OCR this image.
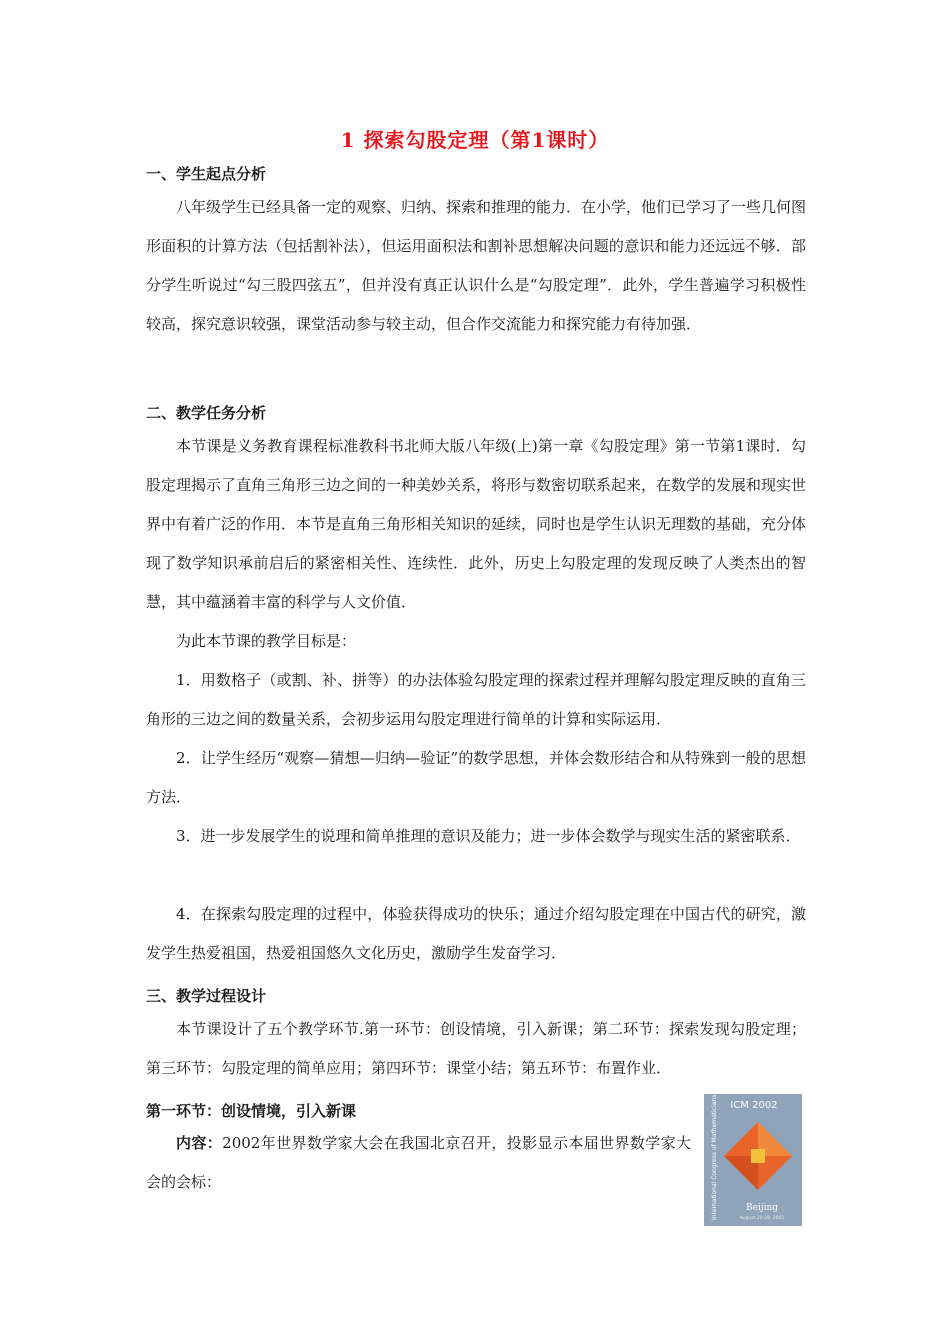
1 探索勾股定理（第1课时）
一、学生起点分析
八年级学生已经具备一定的观察、归纳、探索和推理的能力．在小学，他们已学习了一些几何图形面积的计算方法（包括割补法），但运用面积法和割补思想解决问题的意识和能力还远远不够．部分学生听说过“勾三股四弦五”，但并没有真正认识什么是“勾股定理”．此外，学生普遍学习积极性较高，探究意识较强，课堂活动参与较主动，但合作交流能力和探究能力有待加强．
二、教学任务分析
本节课是义务教育课程标准教科书北师大版八年级(上)第一章《勾股定理》第一节第1课时．勾股定理揭示了直角三角形三边之间的一种美妙关系，将形与数密切联系起来，在数学的发展和现实世界中有着广泛的作用．本节是直角三角形相关知识的延续，同时也是学生认识无理数的基础，充分体现了数学知识承前启后的紧密相关性、连续性．此外，历史上勾股定理的发现反映了人类杰出的智慧，其中蕴涵着丰富的科学与人文价值．
为此本节课的教学目标是：
1．用数格子（或割、补、拼等）的办法体验勾股定理的探索过程并理解勾股定理反映的直角三角形的三边之间的数量关系，会初步运用勾股定理进行简单的计算和实际运用．
2．让学生经历“观察—猜想—归纳—验证”的数学思想，并体会数形结合和从特殊到一般的思想方法．
3．进一步发展学生的说理和简单推理的意识及能力；进一步体会数学与现实生活的紧密联系．
4．在探索勾股定理的过程中，体验获得成功的快乐；通过介绍勾股定理在中国古代的研究，激发学生热爱祖国，热爱祖国悠久文化历史，激励学生发奋学习．
三、教学过程设计
本节课设计了五个教学环节.第一环节：创设情境，引入新课；第二环节：探索发现勾股定理；第三环节：勾股定理的简单应用；第四环节：课堂小结；第五环节：布置作业．
第一环节：创设情境，引入新课
内容：2002年世界数学家大会在我国北京召开，投影显示本届世界数学家大会的会标：
ICM 2002
International Congress of Mathematicians	Beijing
August 20-28, 2002
